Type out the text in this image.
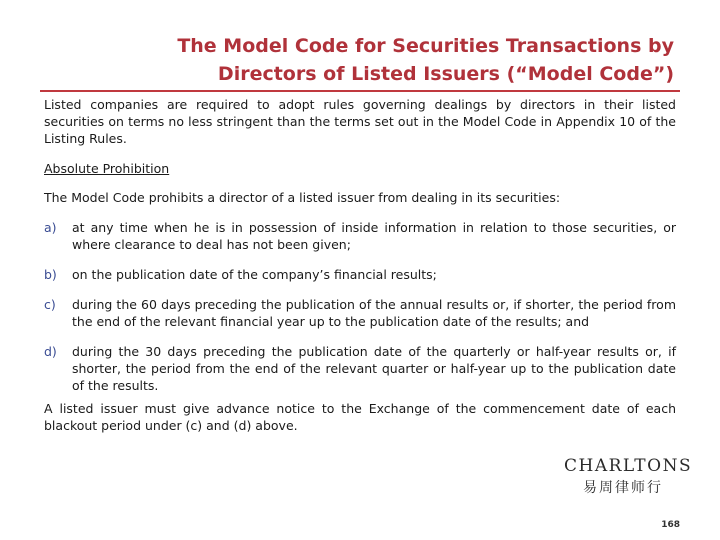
The Model Code for Securities Transactions by
Directors of Listed Issuers (“Model Code”)

Listed companies are required to adopt rules governing dealings by directors in their listed securities on terms no less stringent than the terms set out in the Model Code in Appendix 10 of the Listing Rules.

Absolute Prohibition

The Model Code prohibits a director of a listed issuer from dealing in its securities:

a)	at any time when he is in possession of inside information in relation to those securities, or where clearance to deal has not been given;
b)	on the publication date of the company’s financial results;
c)	during the 60 days preceding the publication of the annual results or, if shorter, the period from the end of the relevant financial year up to the publication date of the results; and
d)	during the 30 days preceding the publication date of the quarterly or half-year results or, if shorter, the period from the end of the relevant quarter or half-year up to the publication date of the results.

A listed issuer must give advance notice to the Exchange of the commencement date of each blackout period under (c) and (d) above.

CHARLTONS
易周律师行
168
